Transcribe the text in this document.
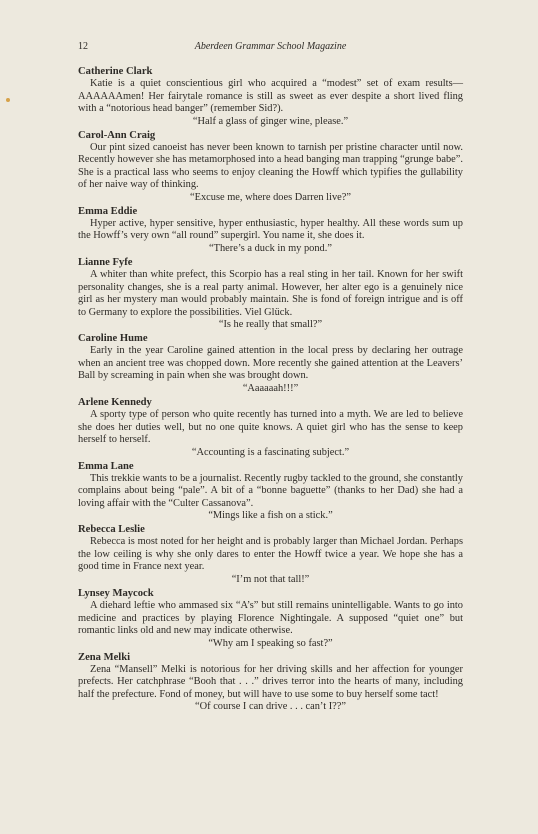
12	Aberdeen Grammar School Magazine
Catherine Clark

Katie is a quiet conscientious girl who acquired a “modest” set of exam results—AAAAAAmen! Her fairytale romance is still as sweet as ever despite a short lived fling with a “notorious head banger” (remember Sid?).

“Half a glass of ginger wine, please.”

Carol-Ann Craig

Our pint sized canoeist has never been known to tarnish per pristine character until now. Recently however she has metamorphosed into a head banging man trapping “grunge babe”. She is a practical lass who seems to enjoy cleaning the Howff which typifies the gullability of her naive way of thinking.

“Excuse me, where does Darren live?”

Emma Eddie

Hyper active, hyper sensitive, hyper enthusiastic, hyper healthy. All these words sum up the Howff’s very own “all round” supergirl. You name it, she does it.

“There’s a duck in my pond.”

Lianne Fyfe

A whiter than white prefect, this Scorpio has a real sting in her tail. Known for her swift personality changes, she is a real party animal. However, her alter ego is a genuinely nice girl as her mystery man would probably maintain. She is fond of foreign intrigue and is off to Germany to explore the possibilities. Viel Glück.

“Is he really that small?”

Caroline Hume

Early in the year Caroline gained attention in the local press by declaring her outrage when an ancient tree was chopped down. More recently she gained attention at the Leavers’ Ball by screaming in pain when she was brought down.

“Aaaaaah!!!”

Arlene Kennedy

A sporty type of person who quite recently has turned into a myth. We are led to believe she does her duties well, but no one quite knows. A quiet girl who has the sense to keep herself to herself.

“Accounting is a fascinating subject.”

Emma Lane

This trekkie wants to be a journalist. Recently rugby tackled to the ground, she constantly complains about being “pale”. A bit of a “bonne baguette” (thanks to her Dad) she had a loving affair with the “Culter Cassanova”.

“Mings like a fish on a stick.”

Rebecca Leslie

Rebecca is most noted for her height and is probably larger than Michael Jordan. Perhaps the low ceiling is why she only dares to enter the Howff twice a year. We hope she has a good time in France next year.

“I’m not that tall!”

Lynsey Maycock

A diehard leftie who ammased six “A’s” but still remains unintelligable. Wants to go into medicine and practices by playing Florence Nightingale. A supposed “quiet one” but romantic links old and new may indicate otherwise.

“Why am I speaking so fast?”

Zena Melki

Zena “Mansell” Melki is notorious for her driving skills and her affection for younger prefects. Her catchphrase “Booh that . . .” drives terror into the hearts of many, including half the prefecture. Fond of money, but will have to use some to buy herself some tact!

“Of course I can drive . . . can’t I??”
